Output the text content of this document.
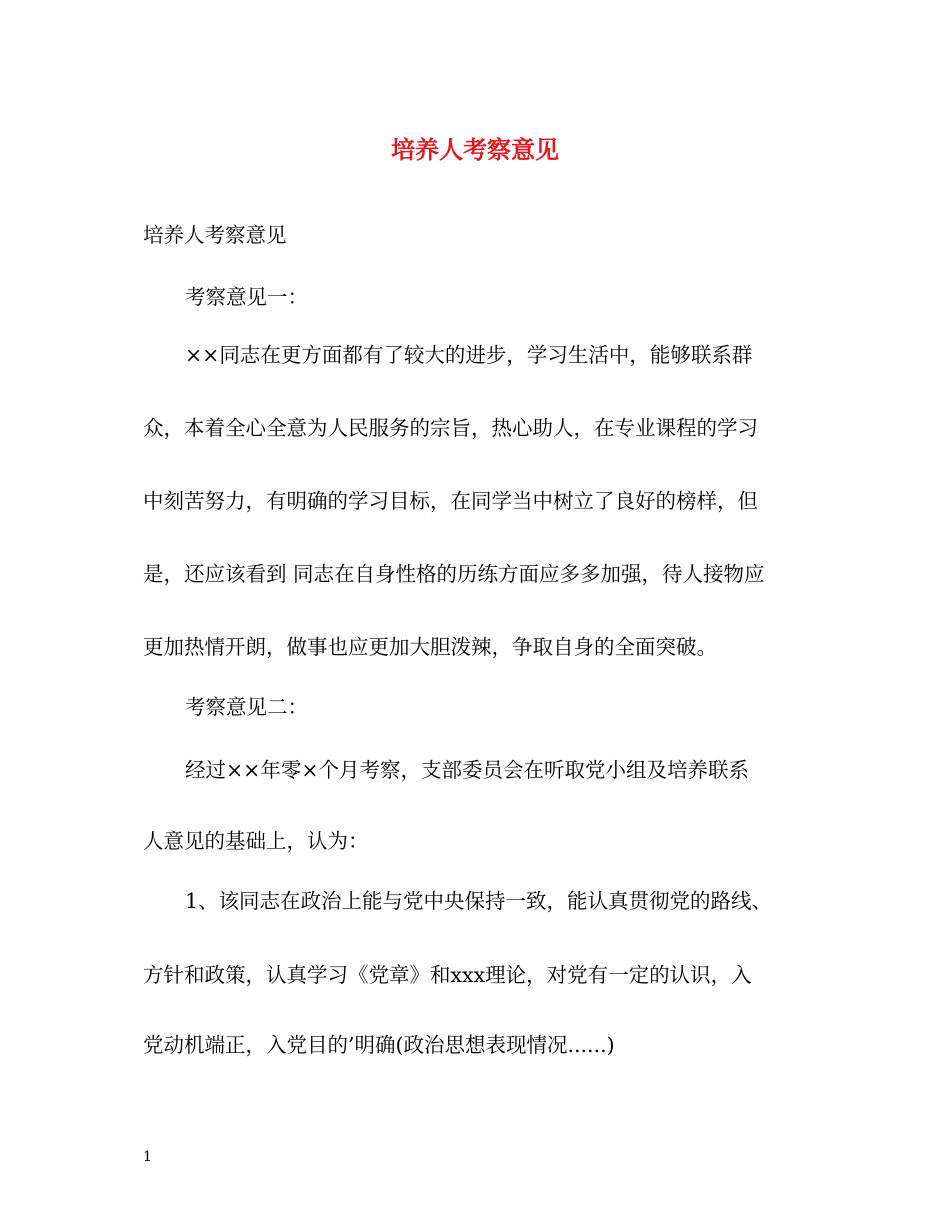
培养人考察意见
培养人考察意见
考察意见一：
××同志在更方面都有了较大的进步，学习生活中，能够联系群
众，本着全心全意为人民服务的宗旨，热心助人，在专业课程的学习
中刻苦努力，有明确的学习目标，在同学当中树立了良好的榜样，但
是，还应该看到 同志在自身性格的历练方面应多多加强，待人接物应
更加热情开朗，做事也应更加大胆泼辣，争取自身的全面突破。
考察意见二：
经过××年零×个月考察，支部委员会在听取党小组及培养联系
人意见的基础上，认为：
1、该同志在政治上能与党中央保持一致，能认真贯彻党的路线、
方针和政策，认真学习《党章》和xxx理论，对党有一定的认识，入
党动机端正，入党目的’明确(政治思想表现情况......)
1
